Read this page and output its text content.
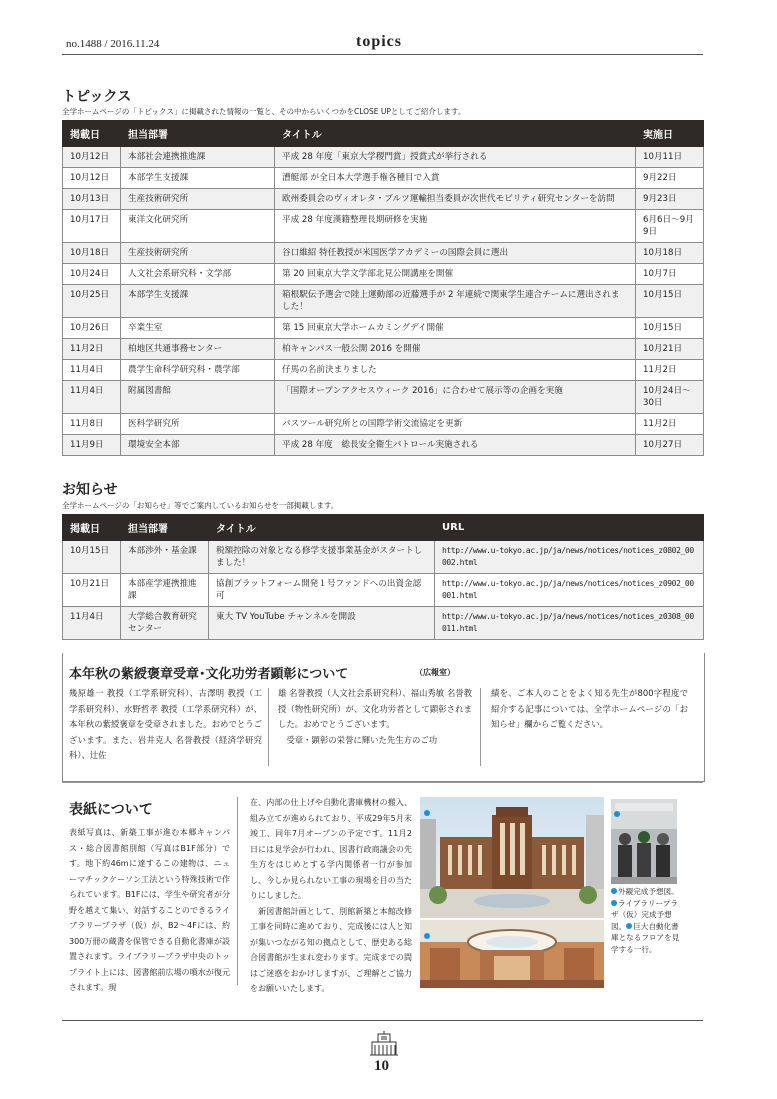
no.1488 / 2016.11.24	topics
トピックス
全学ホームページの「トピックス」に掲載された情報の一覧と、その中からいくつかをCLOSE UPとしてご紹介します。
掲載日	担当部署	タイトル	実施日
10月12日	本部社会連携推進課	平成 28 年度「東京大学稷門賞」授賞式が挙行される	10月11日
10月12日	本部学生支援課	漕艇部 が全日本大学選手権各種目で入賞	9月22日
10月13日	生産技術研究所	欧州委員会のヴィオレタ・ブルツ運輸担当委員が次世代モビリティ研究センターを訪問	9月23日
10月17日	東洋文化研究所	平成 28 年度漢籍整理長期研修を実施	6月6日～9月9日
10月18日	生産技術研究所	谷口維紹 特任教授が米国医学アカデミーの国際会員に選出	10月18日
10月24日	人文社会系研究科・文学部	第 20 回東京大学文学部北見公開講座を開催	10月7日
10月25日	本部学生支援課	箱根駅伝予選会で陸上運動部の近藤選手が 2 年連続で関東学生連合チームに選出されました！	10月15日
10月26日	卒業生室	第 15 回東京大学ホームカミングデイ開催	10月15日
11月2日	柏地区共通事務センター	柏キャンパス一般公開 2016 を開催	10月21日
11月4日	農学生命科学研究科・農学部	仔馬の名前決まりました	11月2日
11月4日	附属図書館	「国際オープンアクセスウィーク 2016」に合わせて展示等の企画を実施	10月24日～30日
11月8日	医科学研究所	パスツール研究所との国際学術交流協定を更新	11月2日
11月9日	環境安全本部	平成 28 年度　総長安全衛生パトロール実施される	10月27日
お知らせ
全学ホームページの「お知らせ」等でご案内しているお知らせを一部掲載します。
掲載日	担当部署	タイトル	URL
10月15日	本部渉外・基金課	税額控除の対象となる修学支援事業基金がスタートしました！	http://www.u-tokyo.ac.jp/ja/news/notices/notices_z0802_00002.html
10月21日	本部産学連携推進課	協創プラットフォーム開発１号ファンドへの出資金認可	http://www.u-tokyo.ac.jp/ja/news/notices/notices_z0902_00001.html
11月4日	大学総合教育研究センター	東大 TV YouTube チャンネルを開設	http://www.u-tokyo.ac.jp/ja/news/notices/notices_z0308_00011.html
本年秋の紫綬褒章受章･文化功労者顕彰について	（広報室）
幾原雄一 教授（工学系研究科）、古澤明 教授（工学系研究科）、水野哲孝 教授（工学系研究科）が、本年秋の紫綬褒章を受章されました。おめでとうございます。また、岩井克人 名誉教授（経済学研究科）、辻佐
雄 名誉教授（人文社会系研究科）、福山秀敏 名誉教授（物性研究所）が、文化功労者として顕彰されました。おめでとうございます。
　受章・顕彰の栄誉に輝いた先生方のご功
績を、ご本人のことをよく知る先生が800字程度で紹介する記事については、全学ホームページの「お知らせ」欄からご覧ください。
表紙について
表紙写真は、新築工事が進む本郷キャンパス・総合図書館別館（写真はB1F部分）です。地下約46mに達するこの建物は、ニューマチックケーソン工法という特殊技術で作られています。B1Fには、学生や研究者が分野を越えて集い、対話することのできるライブラリープラザ（仮）が、B2～4Fには、約300万冊の蔵書を保管できる自動化書庫が設置されます。ライブラリープラザ中央のトップライト上には、図書館前広場の噴水が復元されます。現
在、内部の仕上げや自動化書庫機材の搬入、組み立てが進められており、平成29年5月末竣工、同年7月オープンの予定です。11月2日には見学会が行われ、図書行政商議会の先生方をはじめとする学内関係者一行が参加し、今しか見られない工事の現場を目の当たりにしました。
　新図書館計画として、別館新築と本館改修工事を同時に進めており、完成後には人と知が集いつながる知の拠点として、歴史ある総合図書館が生まれ変わります。完成までの間はご迷惑をおかけしますが、ご理解とご協力をお願いいたします。
外観完成予想図。ライブラリープラザ（仮）完成予想図。 巨大自動化書庫となるフロアを見学する一行。
10
